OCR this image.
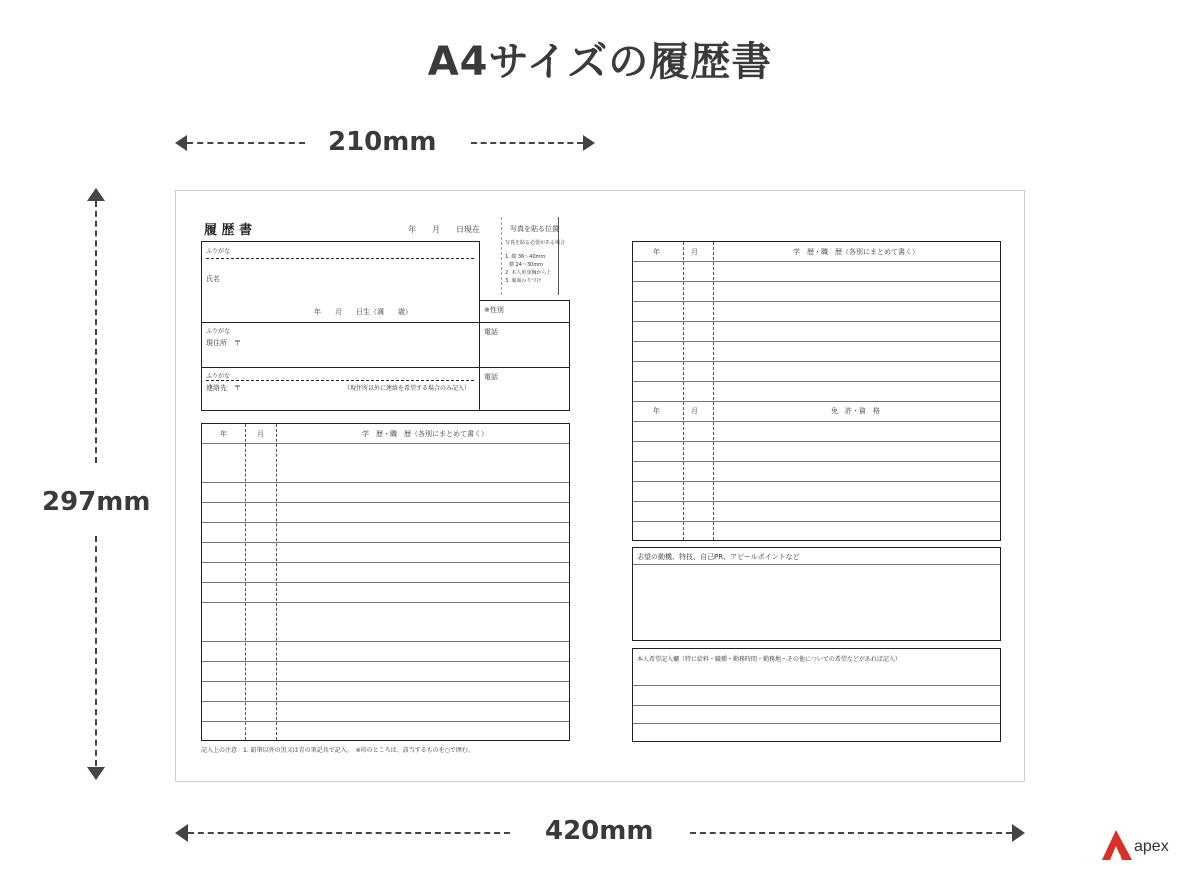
A4サイズの履歴書
210mm
297mm
420mm
apex
履 歴 書	年　　月　　日現在	写真を貼る位置
写真を貼る必要がある場合
1. 縦 36〜40mm
横 24〜30mm
2. 本人単身胸から上
3. 裏面のりづけ
ふりがな
氏名
年　　月　　日生（満　　歳）
ふりがな
現住所　〒
ふりがな
連絡先　〒	（現住所以外に連絡を希望する場合のみ記入）
※性別
電話
電話
年	月	学　歴・職　歴（各別にまとめて書く）
記入上の注意　1. 鉛筆以外の黒又は青の筆記具で記入。　※印のところは、該当するものを○で囲む。
年	月	学　歴・職　歴（各別にまとめて書く）
年	月	免　許・資　格
志望の動機、特技、自己PR、アピールポイントなど
本人希望記入欄（特に給料・職種・勤務時間・勤務地・その他についての希望などがあれば記入）
